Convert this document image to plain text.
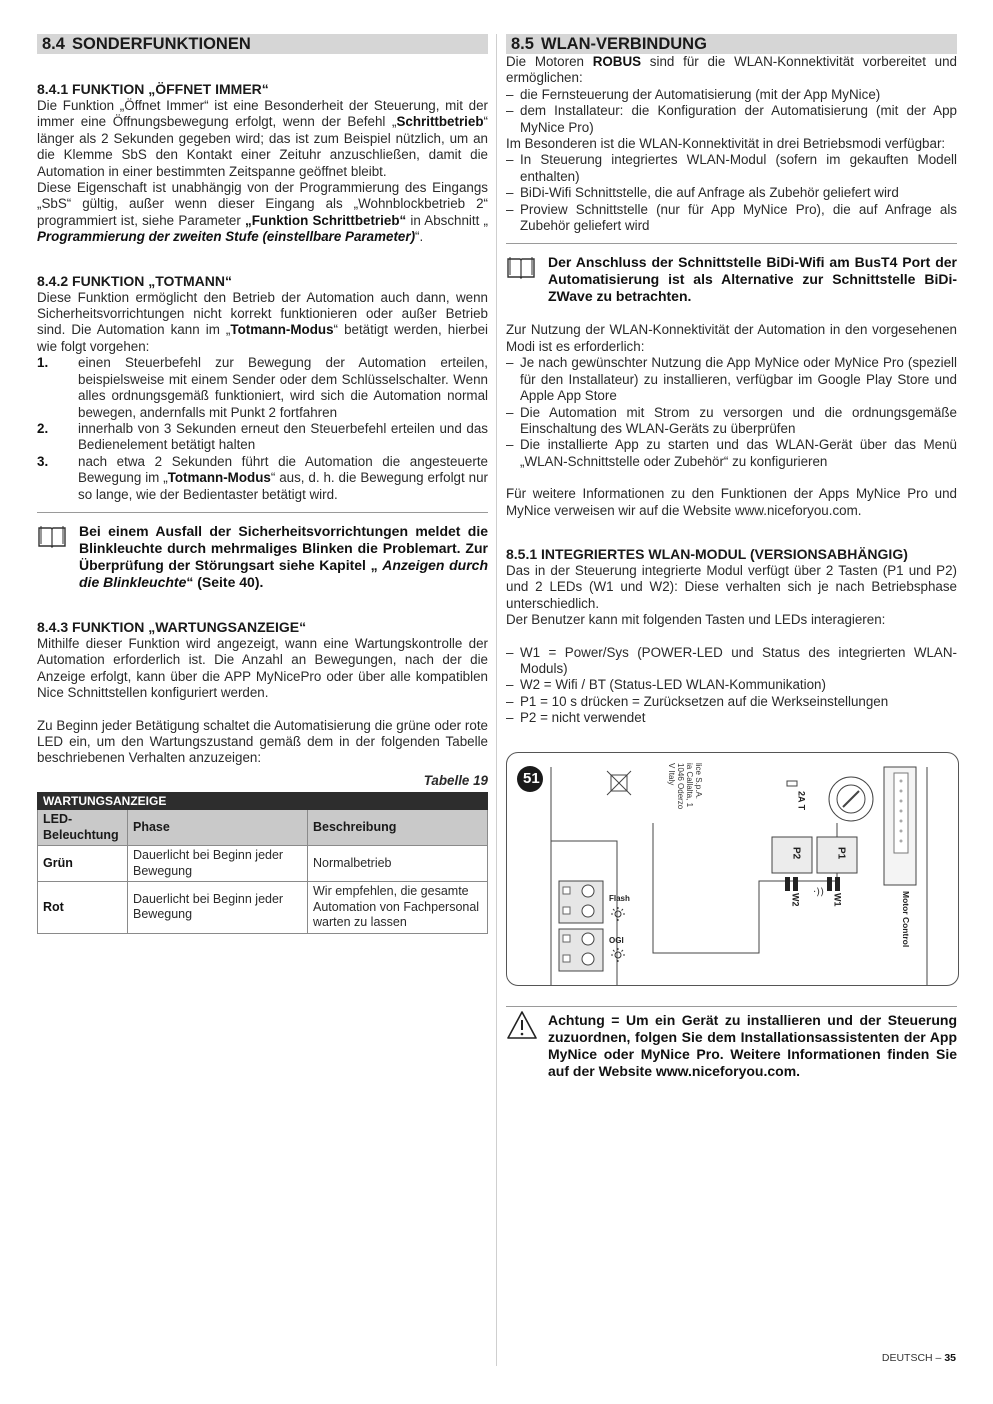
8.4 SONDERFUNKTIONEN
8.4.1 FUNKTION „ÖFFNET IMMER“

Die Funktion „Öffnet Immer“ ist eine Besonderheit der Steuerung, mit der immer eine Öffnungsbewegung erfolgt, wenn der Befehl „Schrittbetrieb“ länger als 2 Sekunden gegeben wird; das ist zum Beispiel nützlich, um an die Klemme SbS den Kontakt einer Zeituhr anzuschließen, damit die Automation in einer bestimmten Zeitspanne geöffnet bleibt.

Diese Eigenschaft ist unabhängig von der Programmierung des Eingangs „SbS“ gültig, außer wenn dieser Eingang als „Wohnblockbetrieb 2“ programmiert ist, siehe Parameter „Funktion Schrittbetrieb“ in Abschnitt „ Programmierung der zweiten Stufe (einstellbare Parameter)“.

8.4.2 FUNKTION „TOTMANN“

Diese Funktion ermöglicht den Betrieb der Automation auch dann, wenn Sicherheitsvorrichtungen nicht korrekt funktionieren oder außer Betrieb sind. Die Automation kann im „Totmann-Modus“ betätigt werden, hierbei wie folgt vorgehen:

1. einen Steuerbefehl zur Bewegung der Automation erteilen, beispielsweise mit einem Sender oder dem Schlüsselschalter. Wenn alles ordnungsgemäß funktioniert, wird sich die Automation normal bewegen, andernfalls mit Punkt 2 fortfahren
2. innerhalb von 3 Sekunden erneut den Steuerbefehl erteilen und das Bedienelement betätigt halten
3. nach etwa 2 Sekunden führt die Automation die angesteuerte Bewegung im „Totmann-Modus“ aus, d. h. die Bewegung erfolgt nur so lange, wie der Bedientaster betätigt wird.
Bei einem Ausfall der Sicherheitsvorrichtungen meldet die Blinkleuchte durch mehrmaliges Blinken die Problemart. Zur Überprüfung der Störungsart siehe Kapitel „ Anzeigen durch die Blinkleuchte“ (Seite 40).
8.4.3 FUNKTION „WARTUNGSANZEIGE“

Mithilfe dieser Funktion wird angezeigt, wann eine Wartungskontrolle der Automation erforderlich ist. Die Anzahl an Bewegungen, nach der die Anzeige erfolgt, kann über die APP MyNicePro oder über alle kompatiblen Nice Schnittstellen konfiguriert werden.

Zu Beginn jeder Betätigung schaltet die Automatisierung die grüne oder rote LED ein, um den Wartungszustand gemäß dem in der folgenden Tabelle beschriebenen Verhalten anzuzeigen:

Tabelle 19
WARTUNGSANZEIGE		
LED-Beleuchtung	Phase	Beschreibung
Grün	Dauerlicht bei Beginn jeder Bewegung	Normalbetrieb
Rot	Dauerlicht bei Beginn jeder Bewegung	Wir empfehlen, die gesamte Automation von Fachpersonal warten zu lassen
8.5 WLAN-VERBINDUNG

Die Motoren ROBUS sind für die WLAN-Konnektivität vorbereitet und ermöglichen:

– die Fernsteuerung der Automatisierung (mit der App MyNice)
– dem Installateur: die Konfiguration der Automatisierung (mit der App MyNice Pro)

Im Besonderen ist die WLAN-Konnektivität in drei Betriebsmodi verfügbar:

– In Steuerung integriertes WLAN-Modul (sofern im gekauften Modell enthalten)
– BiDi-Wifi Schnittstelle, die auf Anfrage als Zubehör geliefert wird
– Proview Schnittstelle (nur für App MyNice Pro), die auf Anfrage als Zubehör geliefert wird
Der Anschluss der Schnittstelle BiDi-Wifi am BusT4 Port der Automatisierung ist als Alternative zur Schnittstelle BiDi-ZWave zu betrachten.

Zur Nutzung der WLAN-Konnektivität der Automation in den vorgesehenen Modi ist es erforderlich:

– Je nach gewünschter Nutzung die App MyNice oder MyNice Pro (speziell für den Installateur) zu installieren, verfügbar im Google Play Store und Apple App Store
– Die Automation mit Strom zu versorgen und die ordnungsgemäße Einschaltung des WLAN-Geräts zu überprüfen
– Die installierte App zu starten und das WLAN-Gerät über das Menü „WLAN-Schnittstelle oder Zubehör“ zu konfigurieren

Für weitere Informationen zu den Funktionen der Apps MyNice Pro und MyNice verweisen wir auf die Website www.niceforyou.com.

8.5.1 INTEGRIERTES WLAN-MODUL (VERSIONSABHÄNGIG)

Das in der Steuerung integrierte Modul verfügt über 2 Tasten (P1 und P2) und 2 LEDs (W1 und W2): Diese verhalten sich je nach Betriebsphase unterschiedlich.

Der Benutzer kann mit folgenden Tasten und LEDs interagieren:

– W1 = Power/Sys (POWER-LED und Status des integrierten WLAN-Moduls)
– W2 = Wifi / BT (Status-LED WLAN-Kommunikation)
– P1 = 10 s drücken = Zurücksetzen auf die Werkseinstellungen
– P2 = nicht verwendet
·))
51	lice S.p.A.
ia Callalta, 1
1046 Oderzo
V Italy
2A T
P2	P1
W2	W1
Flash
OGI	Motor Control
Achtung = Um ein Gerät zu installieren und der Steuerung zuzuordnen, folgen Sie dem Installationsassistenten der App MyNice oder MyNice Pro. Weitere Informationen finden Sie auf der Website www.niceforyou.com.
DEUTSCH – 35
